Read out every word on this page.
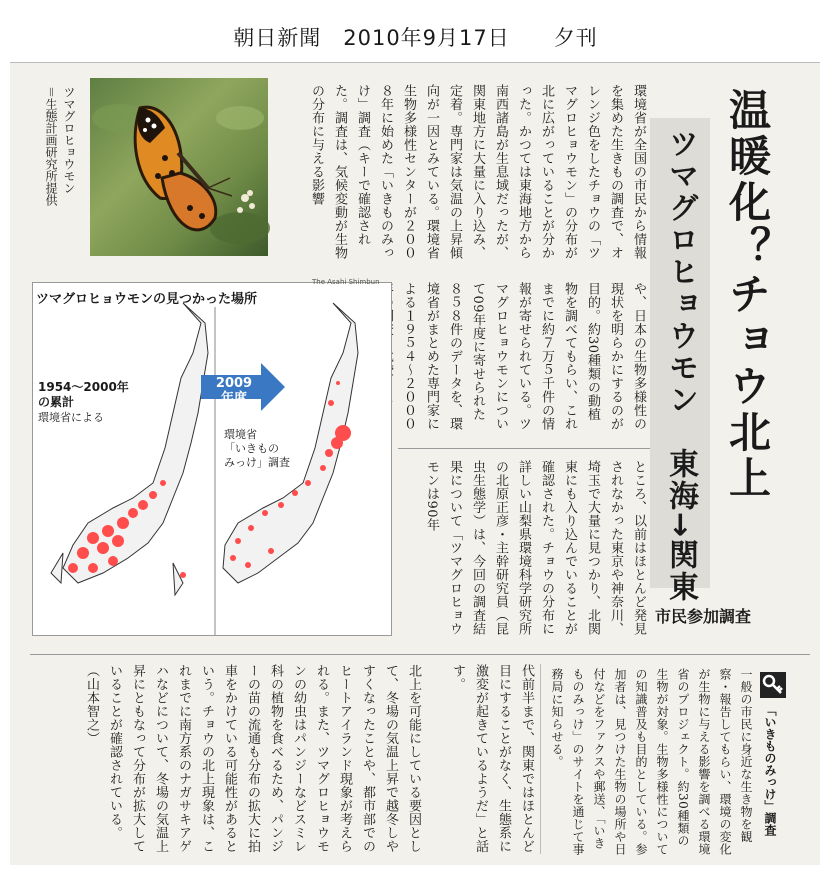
朝日新聞　2010年9月17日　　夕刊
温暖化？チョウ北上
ツマグロヒョウモン　東海→関東
市民参加調査
環境省が全国の市民から情報を集めた生きもの調査で、オレンジ色をしたチョウの「ツマグロヒョウモン」の分布が北に広がっていることが分かった。かつては東海地方から南西諸島が生息域だったが、関東地方に大量に入り込み、定着。専門家は気温の上昇傾向が一因とみている。環境省生物多様性センターが２００８年に始めた「いきものみっけ」調査（キーで確認された。調査は、気候変動が生物の分布に与える影響
や、日本の生物多様性の現状を明らかにするのが目的。約30種類の動植物を調べてもらい、これまでに約７万５千件の情報が寄せられている。ツマグロヒョウモンについて09年度に寄せられた８５８件のデータを、環境省がまとめた専門家による１９５４〜２０００
ところ、以前はほとんど発見されなかった東京や神奈川、埼玉で大量に見つかり、北関東にも入り込んでいることが確認された。チョウの分布に詳しい山梨県環境科学研究所の北原正彦・主幹研究員（昆虫生態学）は、今回の調査結果について「ツマグロヒョウモンは90年
ツマグロヒョウモン
＝生態計画研究所提供
ツマグロヒョウモンの見つかった場所
The Asahi Shimbun
1954〜2000年
の累計
環境省による
2009
年度
環境省
「いきもの
みっけ」調査
代前半まで、関東ではほとんど目にすることがなく、生態系に激変が起きているようだ」と話す。
北上を可能にしている要因として、冬場の気温上昇で越冬しやすくなったことや、都市部でのヒートアイランド現象が考えられる。また、ツマグロヒョウモンの幼虫はパンジーなどスミレ科の植物を食べるため、パンジーの苗の流通も分布の拡大に拍車をかけている可能性があるという。チョウの北上現象は、これまでに南方系のナガサキアゲハなどについて、冬場の気温上昇にともなって分布が拡大していることが確認されている。（山本智之）	「いきものみっけ」調査
一般の市民に身近な生き物を観察・報告してもらい、環境の変化が生物に与える影響を調べる環境省のプロジェクト。約30種類の生物が対象。生物多様性についての知識普及も目的としている。参加者は、見つけた生物の場所や日付などをファクスや郵送、「いきものみっけ」のサイトを通じて事務局に知らせる。
